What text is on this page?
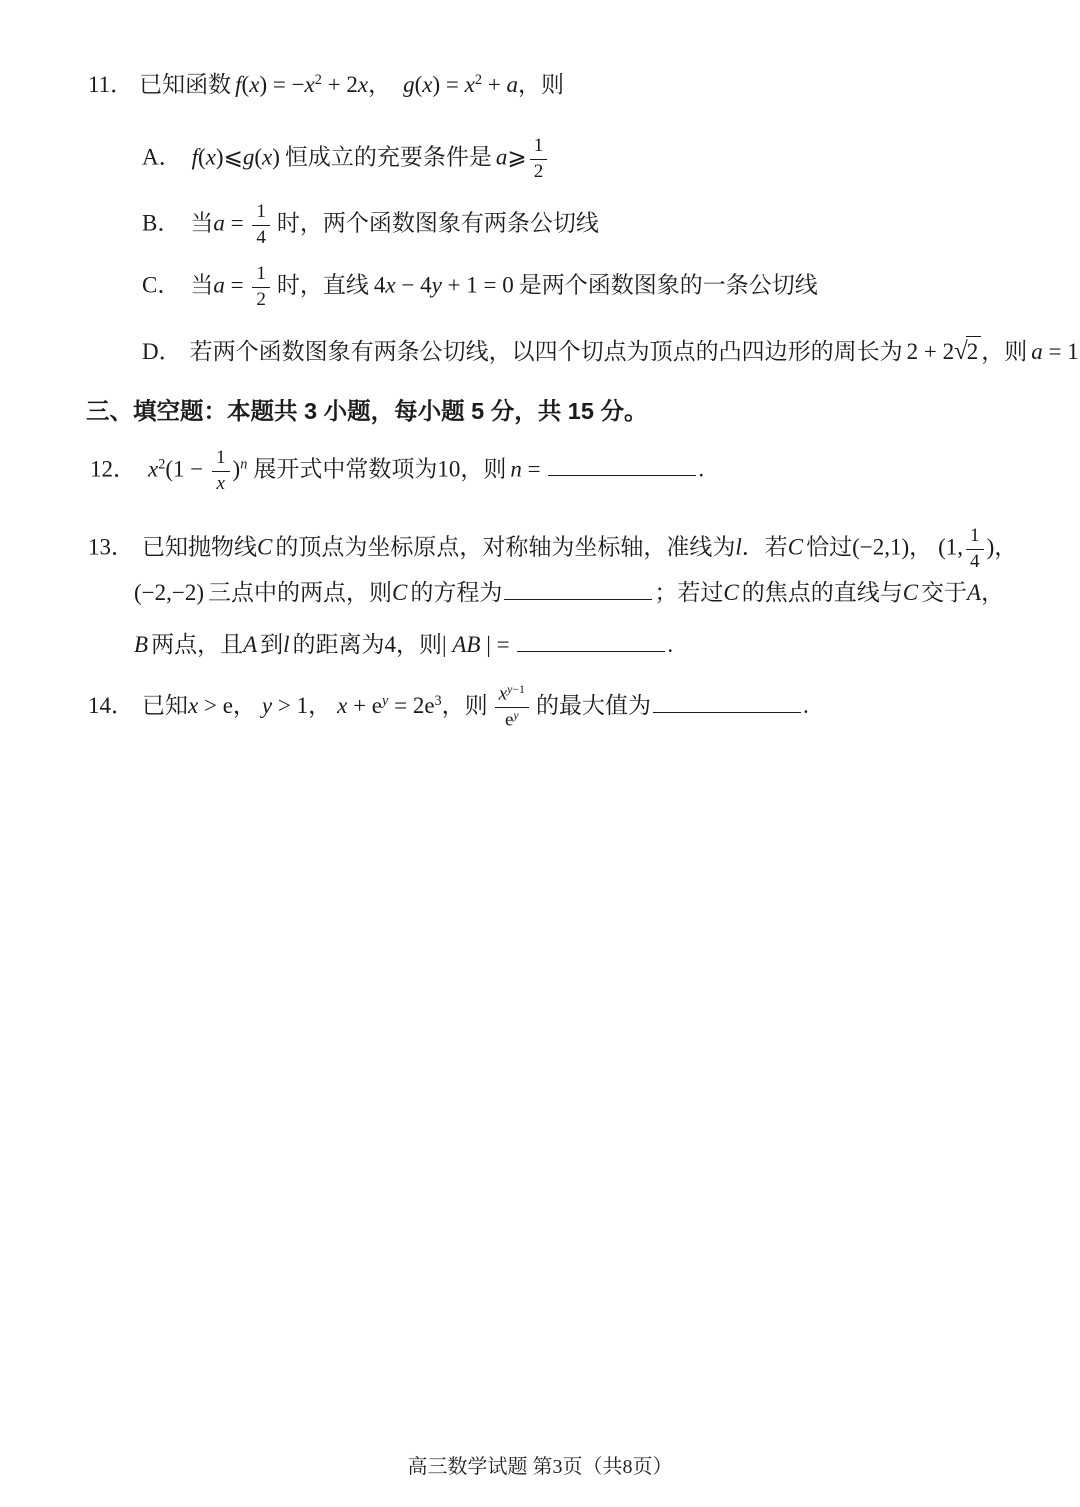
11． 已知函数 $f(x) = -x^2 + 2x$， $g(x) = x^2 + a$，则
A． f(x)⩽g(x) 恒成立的充要条件是 a⩾ $\frac{1}{2}$
B． 当$a = \frac{1}{4}$ 时，两个函数图象有两条公切线
C． 当$a = \frac{1}{2}$ 时，直线 4x − 4y + 1 = 0 是两个函数图象的一条公切线
D． 若两个函数图象有两条公切线，以四个切点为顶点的凸四边形的周长为 2 + 2√2 ，则 a = 1
三、填空题：本题共 3 小题，每小题 5 分，共 15 分。
12． $x^2(1 - \frac{1}{x} )^n$ 展开式中常数项为10，则 n =	.
13． 已知抛物线C 的顶点为坐标原点，对称轴为坐标轴，准线为l．若C 恰过(−2,1)， (1, $\frac{1}{4}$ )，
(−2,−2) 三点中的两点，则C 的方程为	；若过C 的焦点的直线与C 交于A，
B 两点，且A 到l 的距离为4，则| AB | =	.
14． 已知x > e， y > 1， $x + e^y = 2e^3$，则 $\frac{x^{y-1}}{e^y}$ 的最大值为	.
高三数学试题 第3页（共8页）
